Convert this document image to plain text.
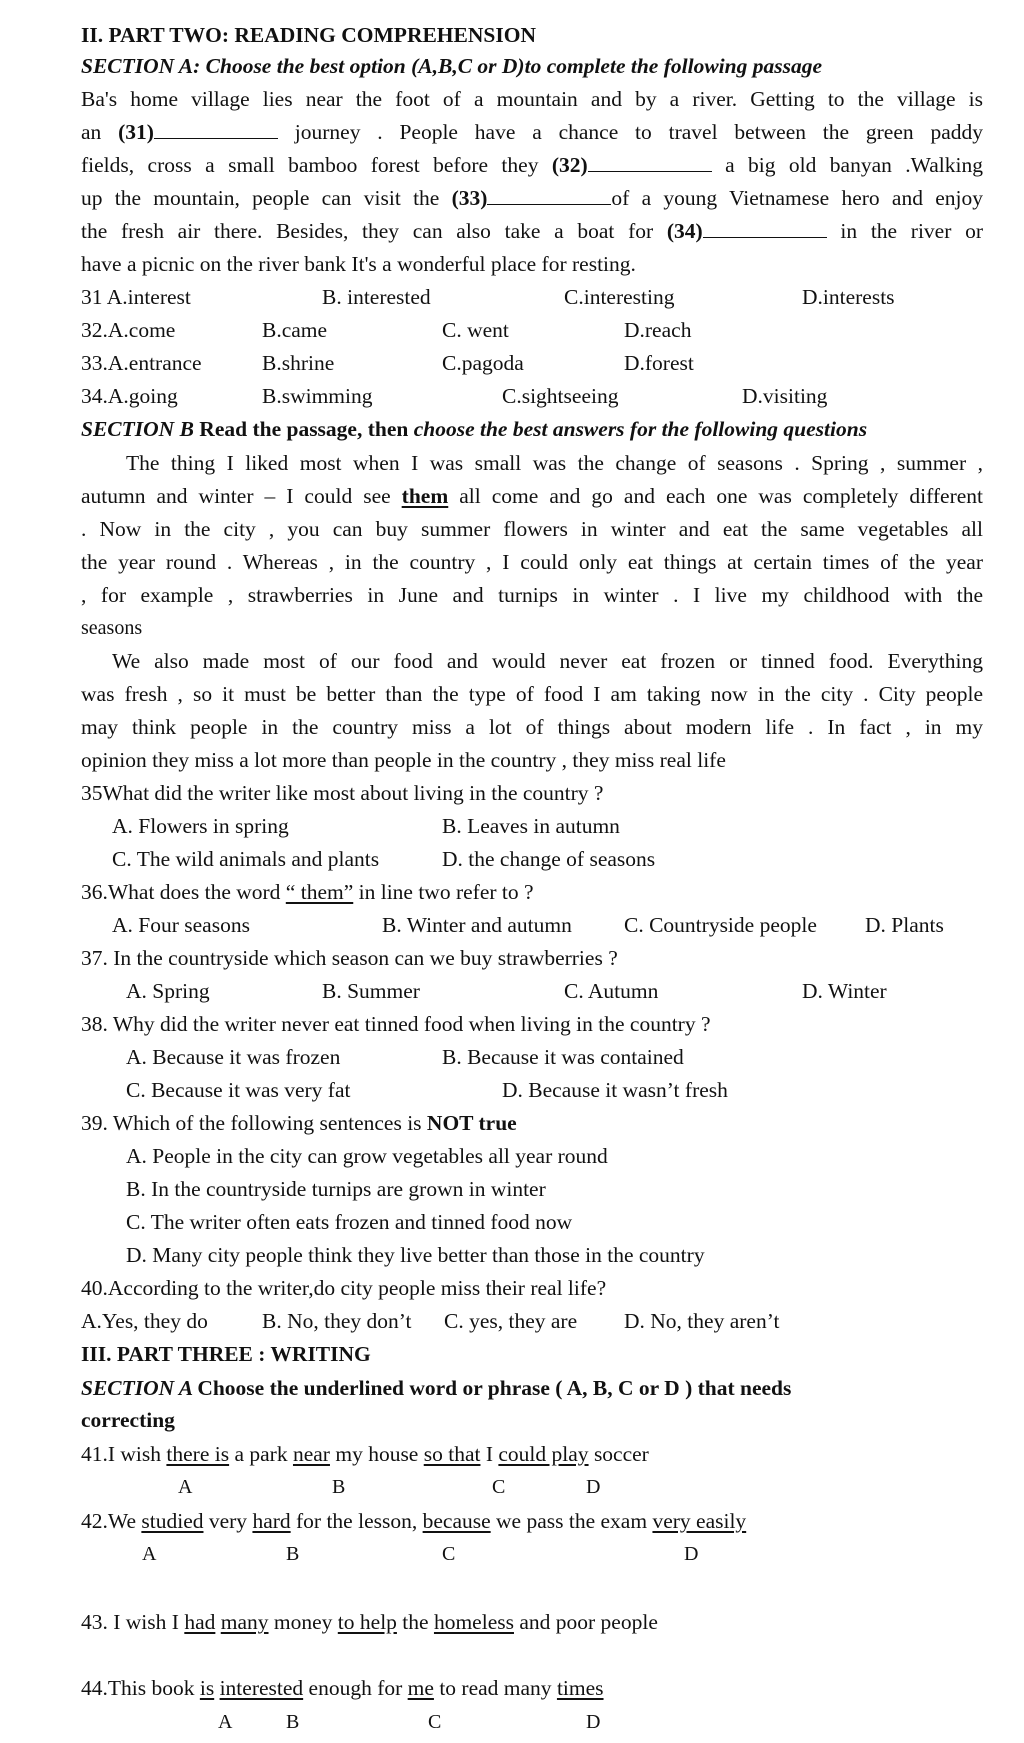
II. PART TWO: READING COMPREHENSION
SECTION A: Choose the best option (A,B,C or D)to complete the following passage
Ba's home village lies near the foot of a mountain and by a river. Getting to the village is
an (31)	journey . People have a chance to travel between the green paddy
fields, cross a small bamboo forest before they (32)	a big old banyan .Walking
up the mountain, people can visit the (33)	of a young Vietnamese hero and enjoy
the fresh air there. Besides, they can also take a boat for (34)	in the river or
have a picnic on the river bank It's a wonderful place for resting.
31 A.interest	B. interested	C.interesting	D.interests
32.A.come	B.came	C. went	D.reach
33.A.entrance	B.shrine	C.pagoda	D.forest
34.A.going	B.swimming	C.sightseeing	D.visiting
SECTION B Read the passage, then choose the best answers for the following questions
The thing I liked most when I was small was the change of seasons . Spring , summer ,
autumn and winter – I could see them all come and go and each one was completely different
. Now in the city , you can buy summer flowers in winter and eat the same vegetables all
the year round . Whereas , in the country , I could only eat things at certain times of the year
, for example , strawberries in June and turnips in winter . I live my childhood with the
seasons
We also made most of our food and would never eat frozen or tinned food. Everything
was fresh , so it must be better than the type of food I am taking now in the city . City people
may think people in the country miss a lot of things about modern life . In fact , in my
opinion they miss a lot more than people in the country , they miss real life
35What did the writer like most about living in the country ?
A. Flowers in spring	B. Leaves in autumn
C. The wild animals and plants	D. the change of seasons
36.What does the word “ them” in line two refer to ?
A. Four seasons	B. Winter and autumn C. Countryside people D. Plants
37. In the countryside which season can we buy strawberries ?
A. Spring	B. Summer	C. Autumn	D. Winter
38. Why did the writer never eat tinned food when living in the country ?
A. Because it was frozen	B. Because it was contained
C. Because it was very fat	D. Because it wasn’t fresh
39. Which of the following sentences is NOT true
A. People in the city can grow vegetables all year round
B. In the countryside turnips are grown in winter
C. The writer often eats frozen and tinned food now
D. Many city people think they live better than those in the country
40.According to the writer,do city people miss their real life?
A.Yes, they do	B. No, they don’t C. yes, they are D. No, they aren’t
III. PART THREE : WRITING
SECTION A Choose the underlined word or phrase ( A, B, C or D ) that needs
correcting
41.I wish there is a park near my house so that I could play soccer
A	B	C	D
42.We studied very hard for the lesson, because we pass the exam very easily
A	B	C	D
43. I wish I had many money to help the homeless and poor people
44.This book is interested enough for me to read many times
A	B	C	D
